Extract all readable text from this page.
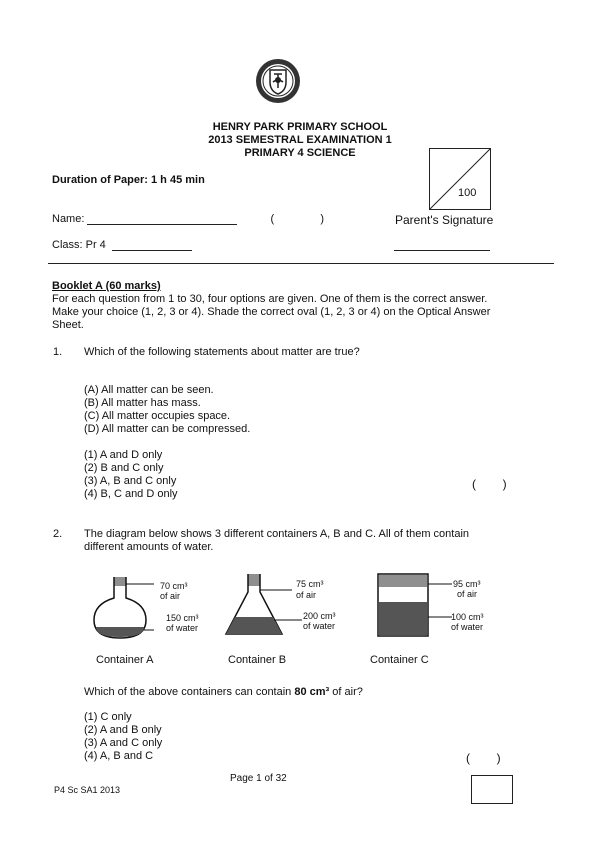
HENRY PARK PRIMARY SCHOOL
2013 SEMESTRAL EXAMINATION 1
PRIMARY 4 SCIENCE
Duration of Paper: 1 h 45 min
100
Name:	(	)	Parent's Signature
Class: Pr 4
Booklet A (60 marks)
For each question from 1 to 30, four options are given. One of them is the correct answer.
Make your choice (1, 2, 3 or 4). Shade the correct oval (1, 2, 3 or 4) on the Optical Answer
Sheet.
1. Which of the following statements about matter are true?
(A) All matter can be seen.
(B) All matter has mass.
(C) All matter occupies space.
(D) All matter can be compressed.
(1) A and D only
(2) B and C only
(3) A, B and C only
(4) B, C and D only
(        )
2. The diagram below shows 3 different containers A, B and C. All of them contain
different amounts of water.
70 cm³
of air
150 cm³
of water
Container A
75 cm³
of air
200 cm³
of water
Container B
95 cm³
of air
100 cm³
of water
Container C
Which of the above containers can contain 80 cm³ of air?
(1) C only
(2) A and B only
(3) A and C only
(4) A, B and C	(        )
Page 1 of 32
P4 Sc SA1 2013
